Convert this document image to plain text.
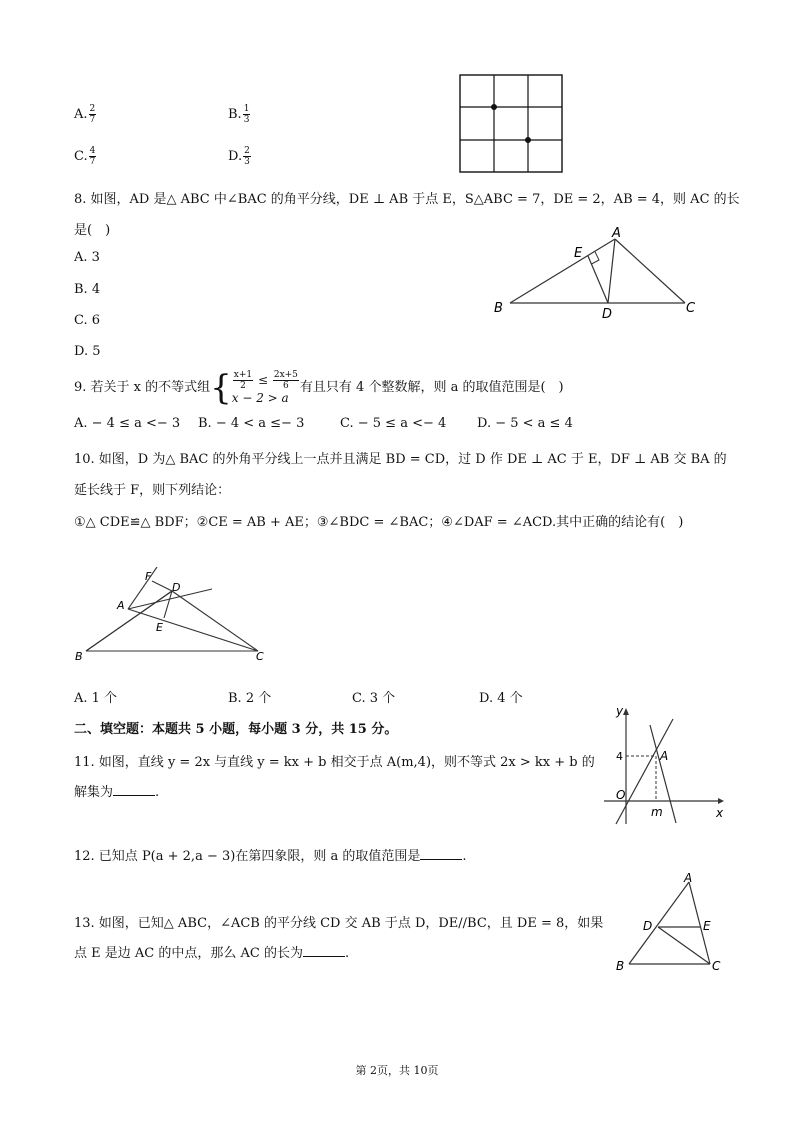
A. $\frac{2}{7}$	B. $\frac{1}{3}$
C. $\frac{4}{7}$	D. $\frac{2}{3}$
8. 如图，AD 是△ ABC 中∠BAC 的角平分线，DE ⊥ AB 于点 E，S△ABC = 7，DE = 2，AB = 4，则 AC 的长
是(　)
A. 3
B. 4
C. 6
D. 5
A
E
B	D	C
9. 若关于 x 的不等式组{ $\frac{x+1}{2} \le \frac{2x+5}{6}$
x − 2 > a
有且只有 4 个整数解，则 a 的取值范围是(　)
A. − 4 ≤ a <− 3 B. − 4 < a ≤− 3	C. − 5 ≤ a <− 4 D. − 5 < a ≤ 4
10. 如图，D 为△ BAC 的外角平分线上一点并且满足 BD = CD，过 D 作 DE ⊥ AC 于 E，DF ⊥ AB 交 BA 的
延长线于 F，则下列结论：
①△ CDE≌△ BDF；②CE = AB + AE；③∠BDC = ∠BAC；④∠DAF = ∠ACD.其中正确的结论有(　)
F
D
A
E
B	C
A. 1 个	B. 2 个	C. 3 个	D. 4 个
二、填空题：本题共 5 小题，每小题 3 分，共 15 分。
11. 如图，直线 y = 2x 与直线 y = kx + b 相交于点 A(m,4)，则不等式 2x > kx + b 的
解集为	.
y
x
O
4	A
m
12. 已知点 P(a + 2,a − 3)在第四象限，则 a 的取值范围是	.
13. 如图，已知△ ABC，∠ACB 的平分线 CD 交 AB 于点 D，DE//BC，且 DE = 8，如果
点 E 是边 AC 的中点，那么 AC 的长为	.
A
D	E
B	C
第 2页，共 10页
